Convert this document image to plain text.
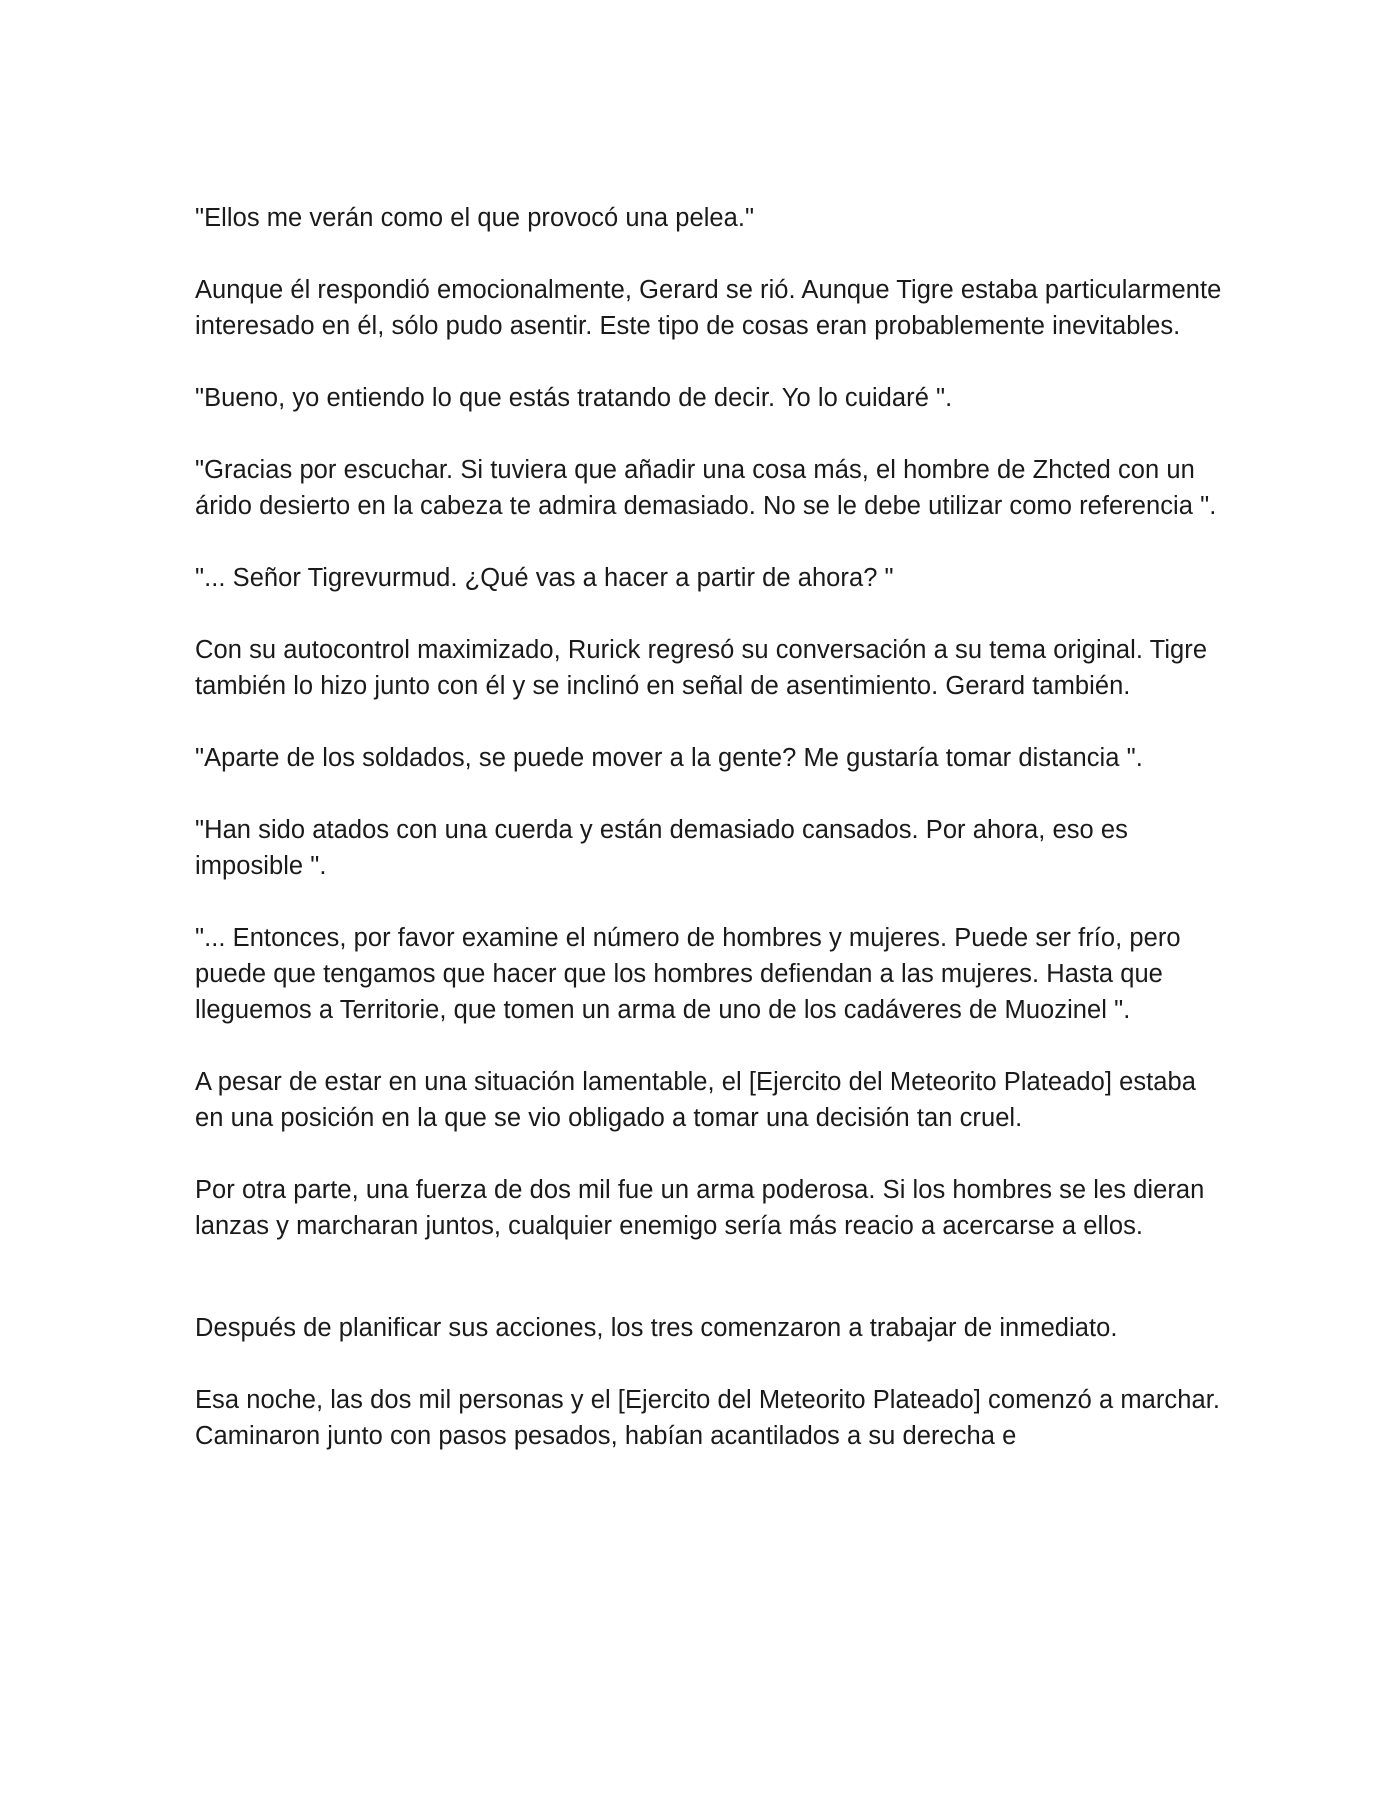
"Ellos me verán como el que provocó una pelea."

Aunque él respondió emocionalmente, Gerard se rió. Aunque Tigre estaba particularmente interesado en él, sólo pudo asentir. Este tipo de cosas eran probablemente inevitables.

"Bueno, yo entiendo lo que estás tratando de decir. Yo lo cuidaré ".

"Gracias por escuchar. Si tuviera que añadir una cosa más, el hombre de Zhcted con un árido desierto en la cabeza te admira demasiado. No se le debe utilizar como referencia ".

"... Señor Tigrevurmud. ¿Qué vas a hacer a partir de ahora? "

Con su autocontrol maximizado, Rurick regresó su conversación a su tema original. Tigre también lo hizo junto con él y se inclinó en señal de asentimiento. Gerard también.

"Aparte de los soldados, se puede mover a la gente? Me gustaría tomar distancia ".

"Han sido atados con una cuerda y están demasiado cansados. Por ahora, eso es imposible ".

"... Entonces, por favor examine el número de hombres y mujeres. Puede ser frío, pero puede que tengamos que hacer que los hombres defiendan a las mujeres. Hasta que lleguemos a Territorie, que tomen un arma de uno de los cadáveres de Muozinel ".

A pesar de estar en una situación lamentable, el [Ejercito del Meteorito Plateado] estaba en una posición en la que se vio obligado a tomar una decisión tan cruel.

Por otra parte, una fuerza de dos mil fue un arma poderosa. Si los hombres se les dieran lanzas y marcharan juntos, cualquier enemigo sería más reacio a acercarse a ellos.

Después de planificar sus acciones, los tres comenzaron a trabajar de inmediato.

Esa noche, las dos mil personas y el [Ejercito del Meteorito Plateado] comenzó a marchar. Caminaron junto con pasos pesados, habían acantilados a su derecha e
